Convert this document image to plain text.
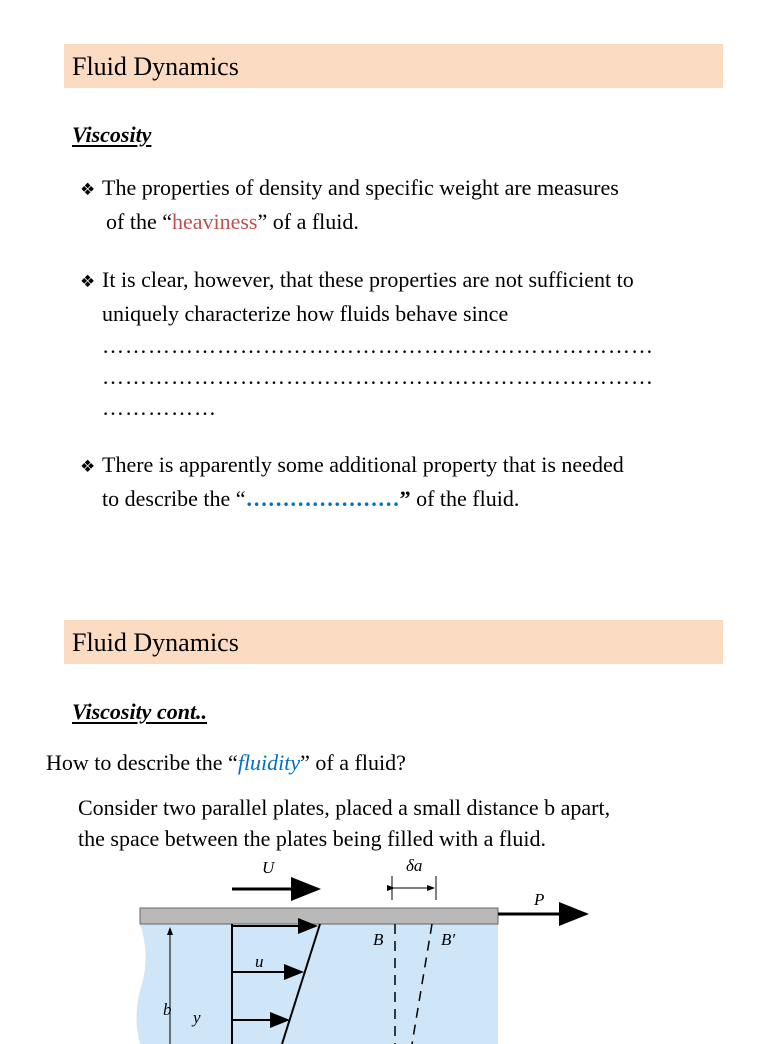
Fluid Dynamics
Viscosity
❖ The properties of density and specific weight are measures
of the “heaviness” of a fluid.
❖ It is clear, however, that these properties are not sufficient to
uniquely characterize how fluids behave since
………………………………………………………………
………………………………………………………………
……………
❖ There is apparently some additional property that is needed
to describe the “…………………” of the fluid.
Fluid Dynamics
Viscosity cont..
How to describe the “fluidity” of a fluid?
Consider two parallel plates, placed a small distance b apart,
the space between the plates being filled with a fluid.
U	δa
P
B	B′
u
b y
